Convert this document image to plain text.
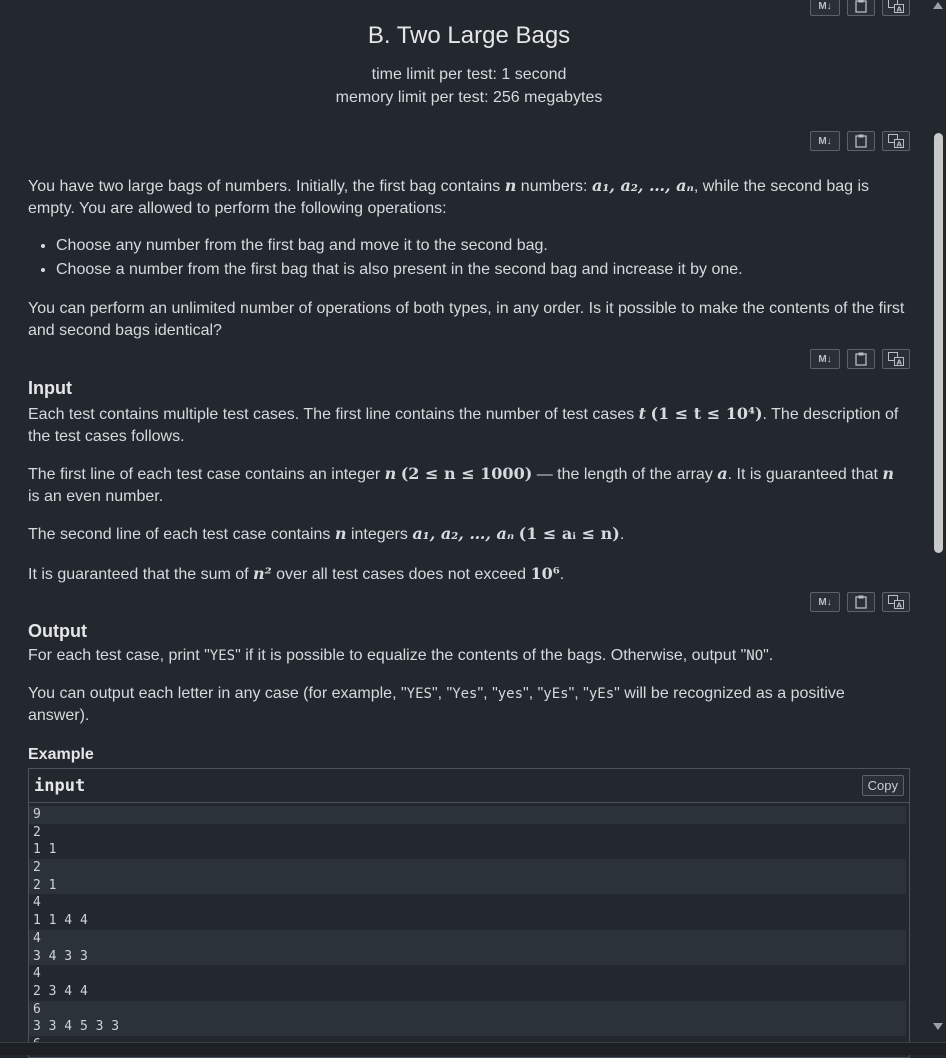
M↓	A
B. Two Large Bags
time limit per test: 1 second
memory limit per test: 256 megabytes
M↓	A
You have two large bags of numbers. Initially, the first bag contains n numbers: a₁, a₂, …, aₙ, while the second bag is empty. You are allowed to perform the following operations:
• Choose any number from the first bag and move it to the second bag.
• Choose a number from the first bag that is also present in the second bag and increase it by one.
You can perform an unlimited number of operations of both types, in any order. Is it possible to make the contents of the first and second bags identical?
M↓	A
Input
Each test contains multiple test cases. The first line contains the number of test cases t (1 ≤ t ≤ 10⁴). The description of the test cases follows.
The first line of each test case contains an integer n (2 ≤ n ≤ 1000) — the length of the array a. It is guaranteed that n is an even number.
The second line of each test case contains n integers a₁, a₂, …, aₙ (1 ≤ aᵢ ≤ n).
It is guaranteed that the sum of n² over all test cases does not exceed 10⁶.
M↓	A
Output
For each test case, print "YES" if it is possible to equalize the contents of the bags. Otherwise, output "NO".
You can output each letter in any case (for example, "YES", "Yes", "yes", "yEs", "yEs" will be recognized as a positive answer).
Example
input	Copy
9
2
1 1
2
2 1
4
1 1 4 4
4
3 4 3 3
4
2 3 4 4
6
3 3 4 5 3 3
